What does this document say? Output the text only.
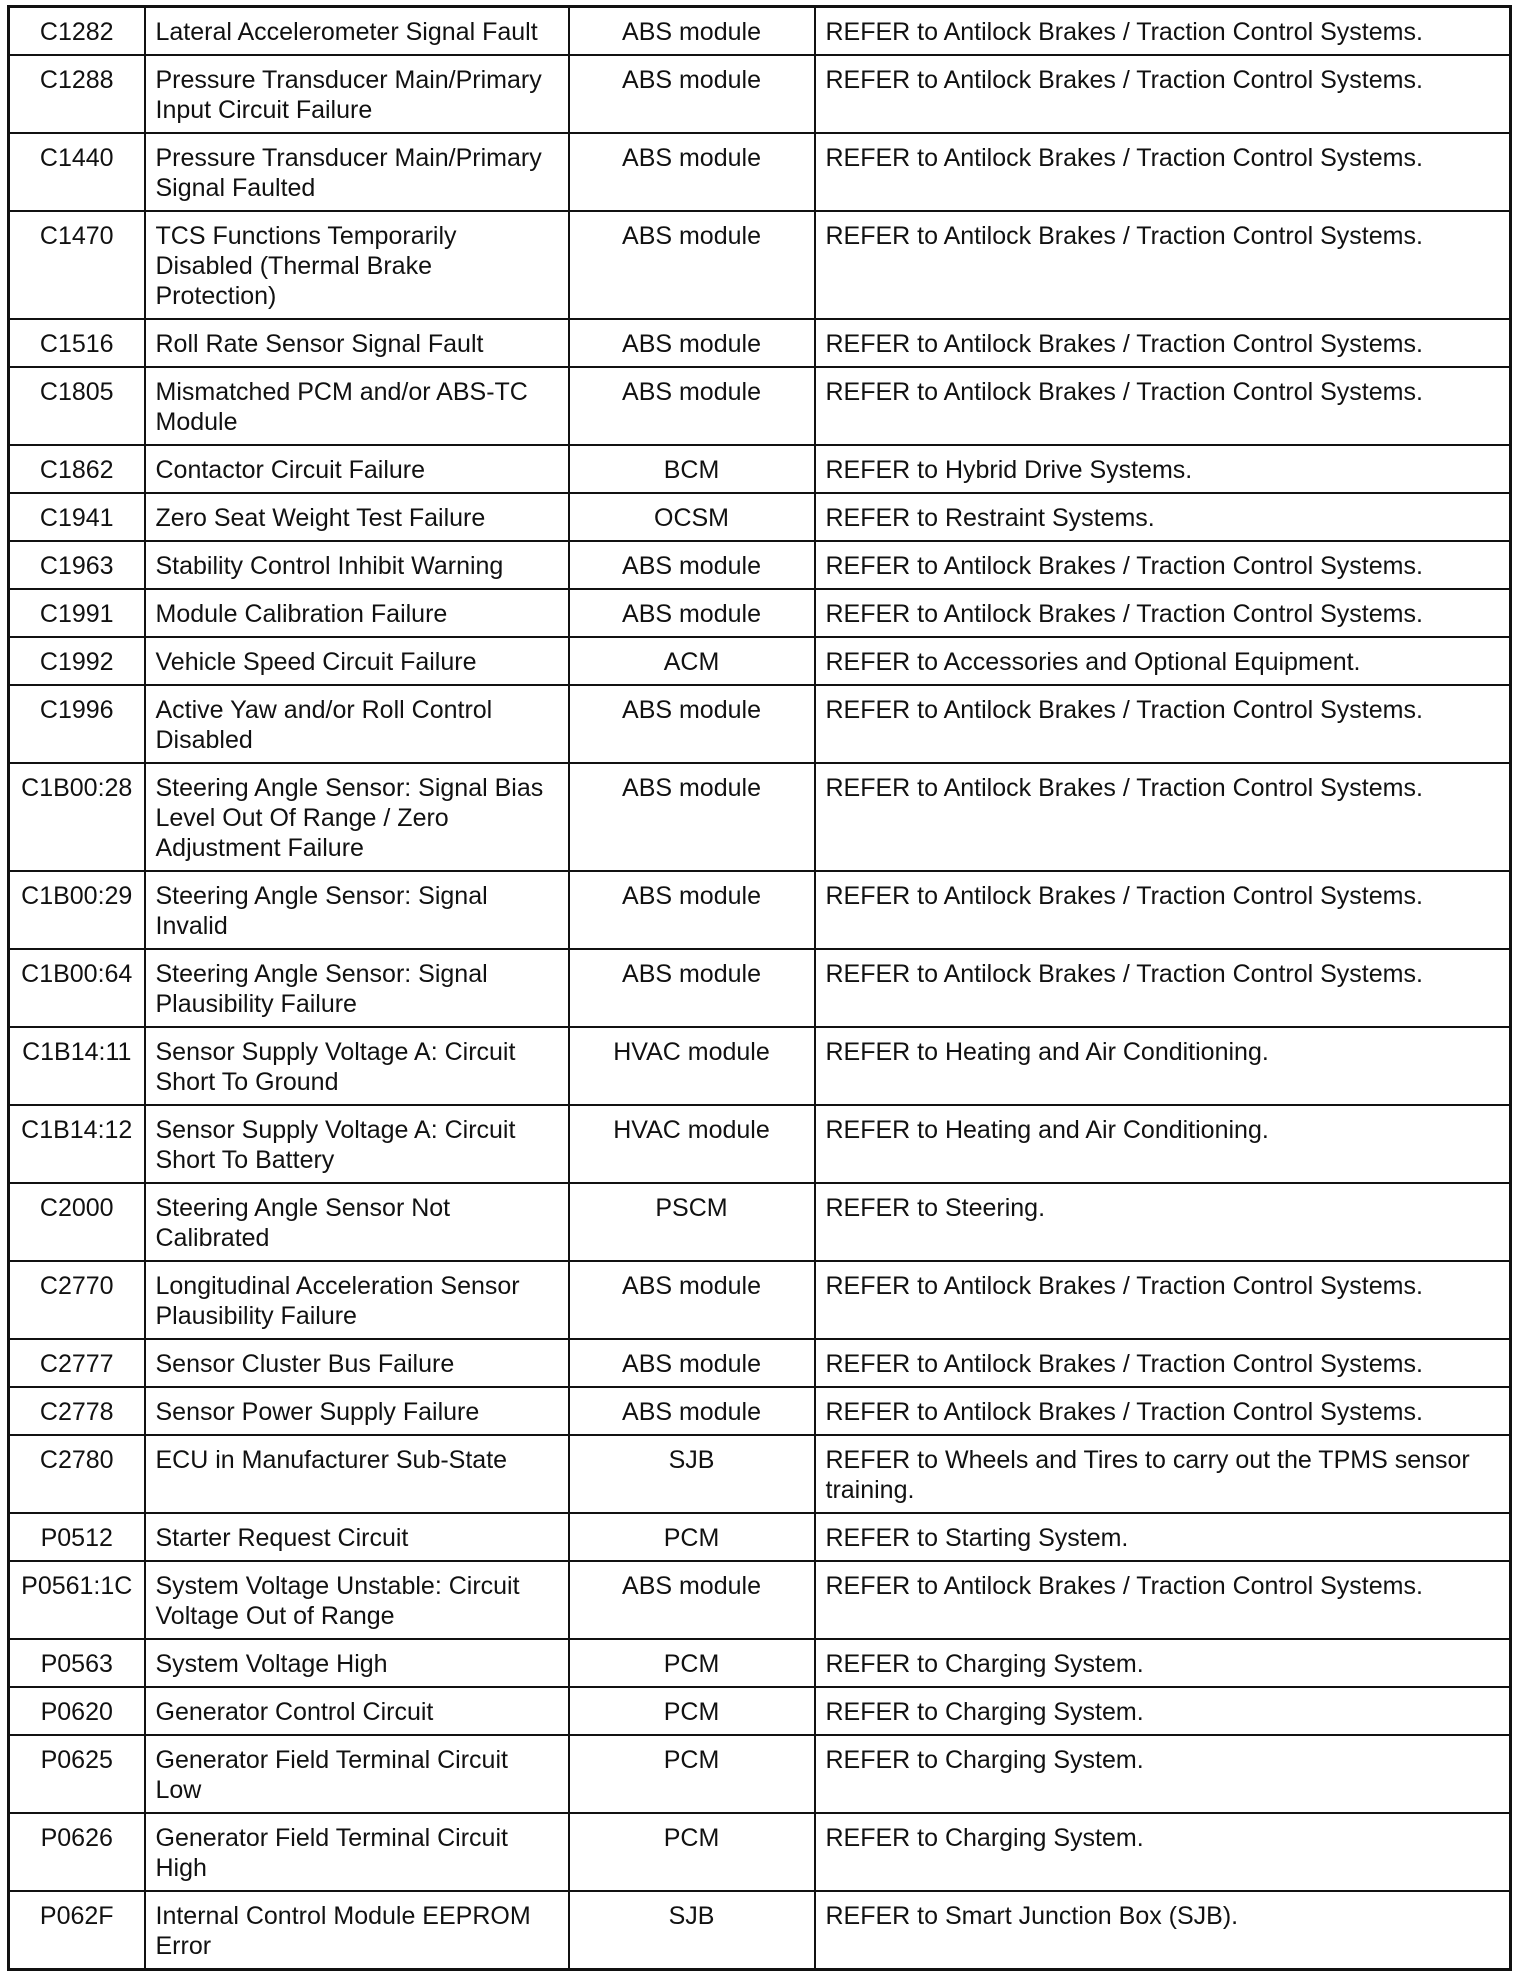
C1282	Lateral Accelerometer Signal Fault	ABS module	REFER to Antilock Brakes / Traction Control Systems.
C1288	Pressure Transducer Main/Primary Input Circuit Failure	ABS module	REFER to Antilock Brakes / Traction Control Systems.
C1440	Pressure Transducer Main/Primary Signal Faulted	ABS module	REFER to Antilock Brakes / Traction Control Systems.
C1470	TCS Functions Temporarily Disabled (Thermal Brake Protection)	ABS module	REFER to Antilock Brakes / Traction Control Systems.
C1516	Roll Rate Sensor Signal Fault	ABS module	REFER to Antilock Brakes / Traction Control Systems.
C1805	Mismatched PCM and/or ABS-TC Module	ABS module	REFER to Antilock Brakes / Traction Control Systems.
C1862	Contactor Circuit Failure	BCM	REFER to Hybrid Drive Systems.
C1941	Zero Seat Weight Test Failure	OCSM	REFER to Restraint Systems.
C1963	Stability Control Inhibit Warning	ABS module	REFER to Antilock Brakes / Traction Control Systems.
C1991	Module Calibration Failure	ABS module	REFER to Antilock Brakes / Traction Control Systems.
C1992	Vehicle Speed Circuit Failure	ACM	REFER to Accessories and Optional Equipment.
C1996	Active Yaw and/or Roll Control Disabled	ABS module	REFER to Antilock Brakes / Traction Control Systems.
C1B00:28	Steering Angle Sensor: Signal Bias Level Out Of Range / Zero Adjustment Failure	ABS module	REFER to Antilock Brakes / Traction Control Systems.
C1B00:29	Steering Angle Sensor: Signal Invalid	ABS module	REFER to Antilock Brakes / Traction Control Systems.
C1B00:64	Steering Angle Sensor: Signal Plausibility Failure	ABS module	REFER to Antilock Brakes / Traction Control Systems.
C1B14:11	Sensor Supply Voltage A: Circuit Short To Ground	HVAC module	REFER to Heating and Air Conditioning.
C1B14:12	Sensor Supply Voltage A: Circuit Short To Battery	HVAC module	REFER to Heating and Air Conditioning.
C2000	Steering Angle Sensor Not Calibrated	PSCM	REFER to Steering.
C2770	Longitudinal Acceleration Sensor Plausibility Failure	ABS module	REFER to Antilock Brakes / Traction Control Systems.
C2777	Sensor Cluster Bus Failure	ABS module	REFER to Antilock Brakes / Traction Control Systems.
C2778	Sensor Power Supply Failure	ABS module	REFER to Antilock Brakes / Traction Control Systems.
C2780	ECU in Manufacturer Sub-State	SJB	REFER to Wheels and Tires to carry out the TPMS sensor training.
P0512	Starter Request Circuit	PCM	REFER to Starting System.
P0561:1C	System Voltage Unstable: Circuit Voltage Out of Range	ABS module	REFER to Antilock Brakes / Traction Control Systems.
P0563	System Voltage High	PCM	REFER to Charging System.
P0620	Generator Control Circuit	PCM	REFER to Charging System.
P0625	Generator Field Terminal Circuit Low	PCM	REFER to Charging System.
P0626	Generator Field Terminal Circuit High	PCM	REFER to Charging System.
P062F	Internal Control Module EEPROM Error	SJB	REFER to Smart Junction Box (SJB).
